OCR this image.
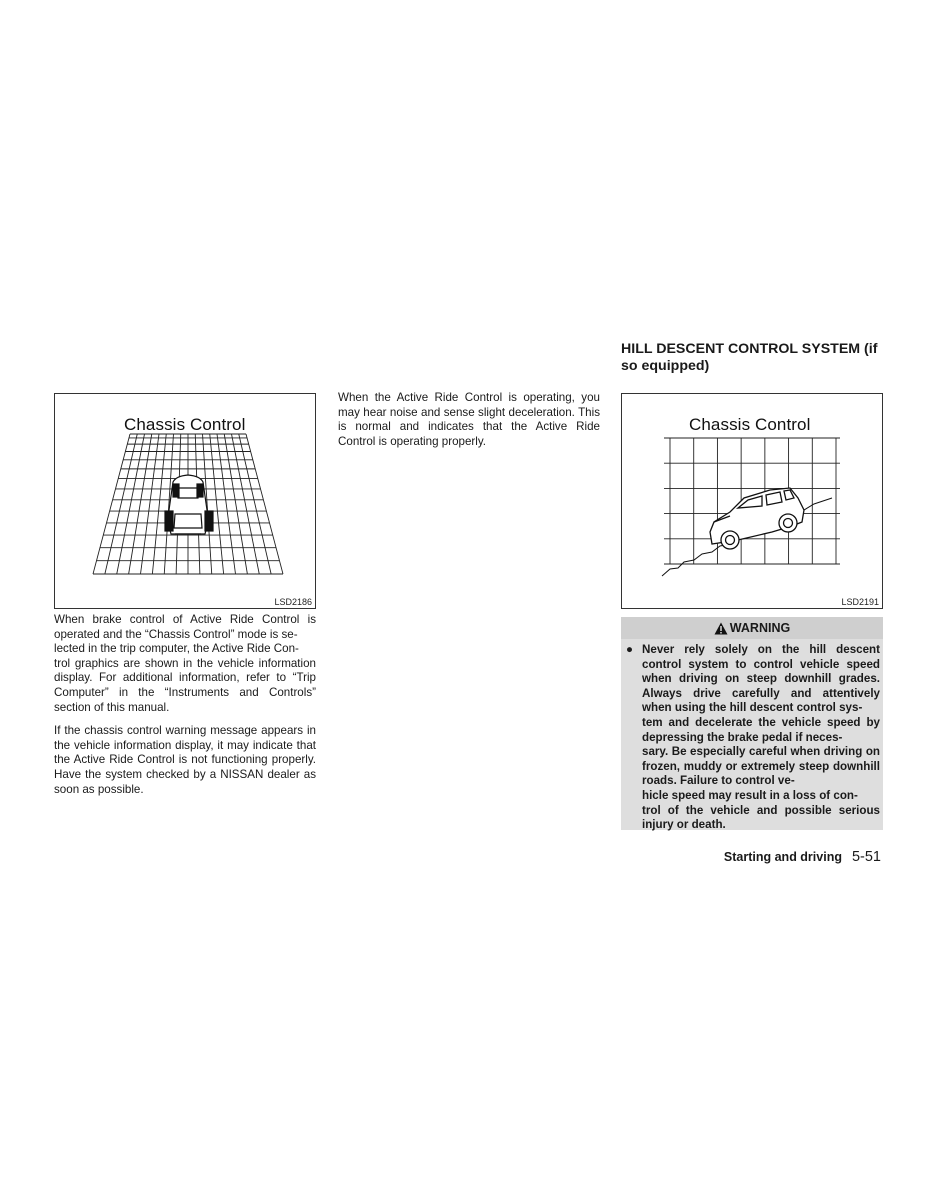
Chassis Control
LSD2186

When brake control of Active Ride Control is operated and the “Chassis Control” mode is se-
lected in the trip computer, the Active Ride Con-
trol graphics are shown in the vehicle information display. For additional information, refer to “Trip Computer” in the “Instruments and Controls” section of this manual.

If the chassis control warning message appears in the vehicle information display, it may indicate that the Active Ride Control is not functioning properly. Have the system checked by a NISSAN dealer as soon as possible.

When the Active Ride Control is operating, you may hear noise and sense slight deceleration. This is normal and indicates that the Active Ride Control is operating properly.

HILL DESCENT CONTROL SYSTEM (if so equipped)

Chassis Control
LSD2191
WARNING
● Never rely solely on the hill descent control system to control vehicle speed when driving on steep downhill grades. Always drive carefully and attentively when using the hill descent control sys-
tem and decelerate the vehicle speed by depressing the brake pedal if neces-
sary. Be especially careful when driving on frozen, muddy or extremely steep downhill roads. Failure to control ve-
hicle speed may result in a loss of con-
trol of the vehicle and possible serious injury or death.
Starting and driving 5-51
